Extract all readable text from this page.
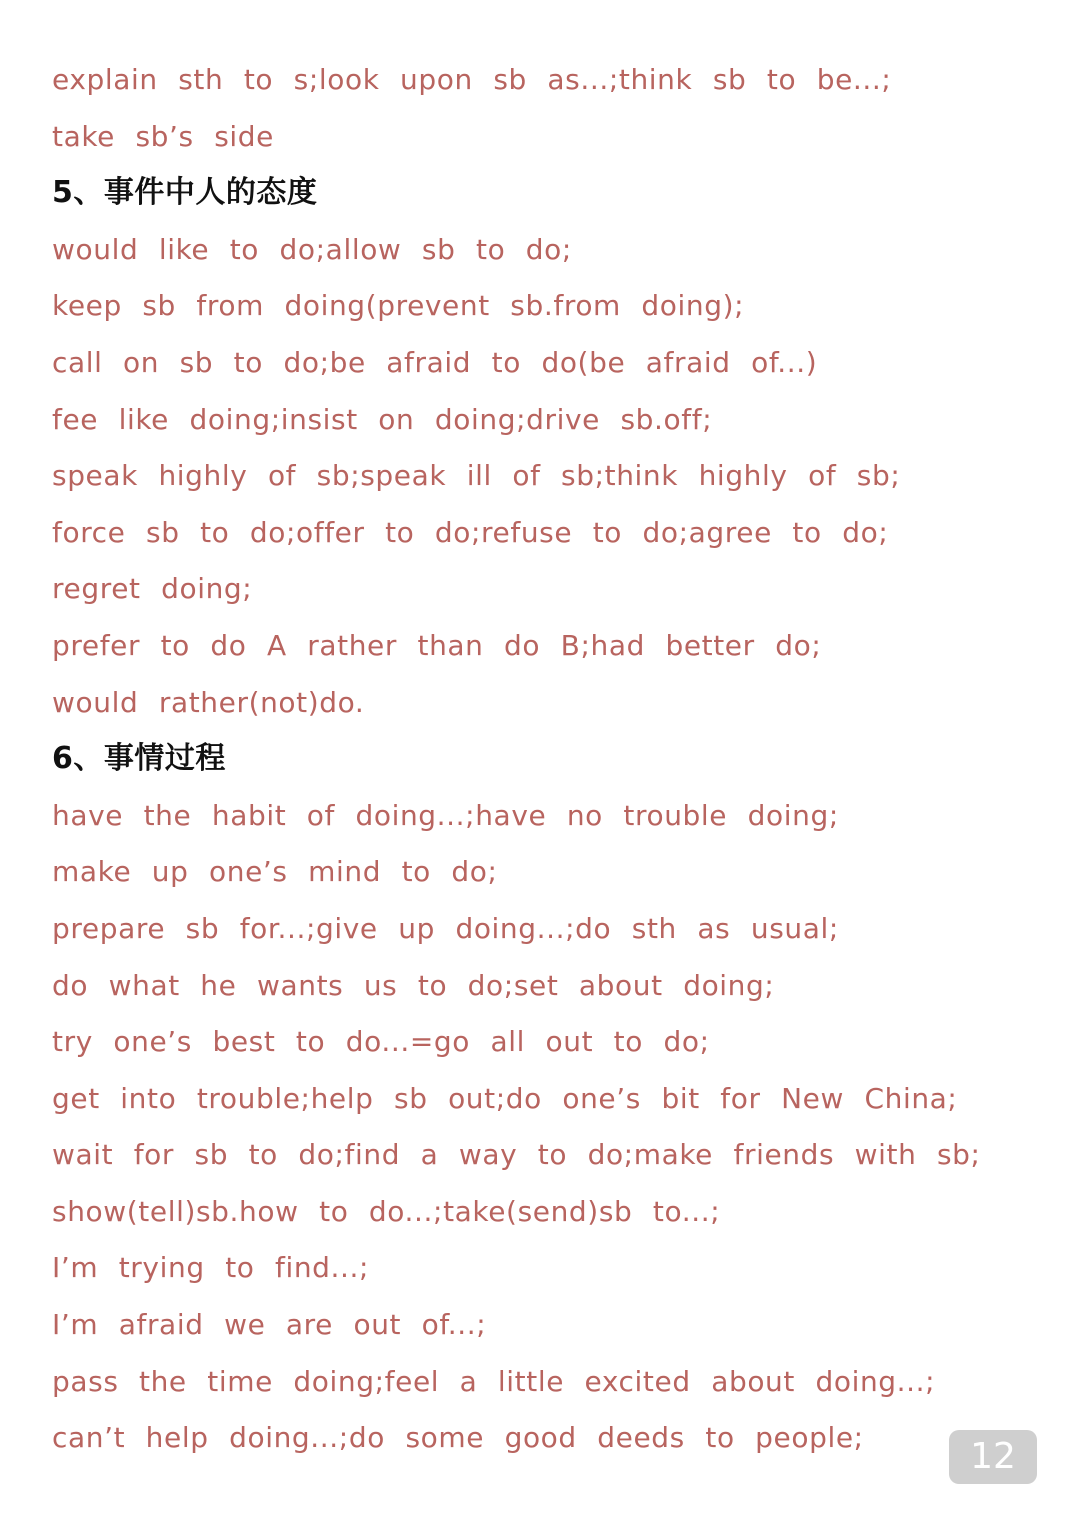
explain sth to s;look upon sb as...;think sb to be...;
take sb’s side
5、事件中人的态度
would like to do;allow sb to do;
keep sb from doing(prevent sb.from doing);
call on sb to do;be afraid to do(be afraid of...)
fee like doing;insist on doing;drive sb.off;
speak highly of sb;speak ill of sb;think highly of sb;
force sb to do;offer to do;refuse to do;agree to do;
regret doing;
prefer to do A rather than do B;had better do;
would rather(not)do.
6、事情过程
have the habit of doing...;have no trouble doing;
make up one’s mind to do;
prepare sb for...;give up doing...;do sth as usual;
do what he wants us to do;set about doing;
try one’s best to do...=go all out to do;
get into trouble;help sb out;do one’s bit for New China;
wait for sb to do;find a way to do;make friends with sb;
show(tell)sb.how to do...;take(send)sb to...;
I’m trying to find...;
I’m afraid we are out of...;
pass the time doing;feel a little excited about doing...;
can’t help doing...;do some good deeds to people;	12
